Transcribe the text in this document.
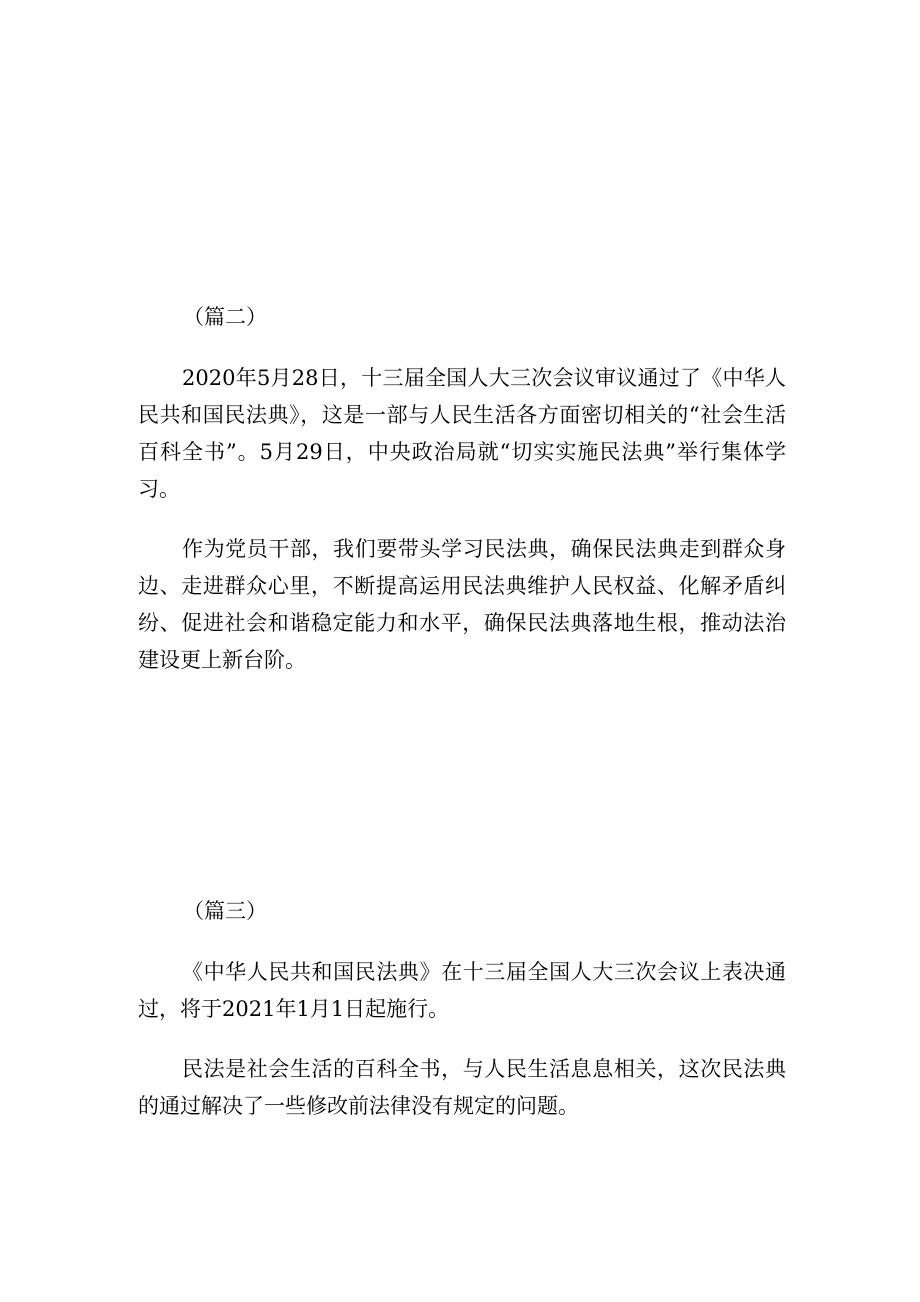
（篇二）

2020年5月28日，十三届全国人大三次会议审议通过了《中华人民共和国民法典》，这是一部与人民生活各方面密切相关的“社会生活百科全书”。5月29日，中央政治局就“切实实施民法典”举行集体学习。

作为党员干部，我们要带头学习民法典，确保民法典走到群众身边、走进群众心里，不断提高运用民法典维护人民权益、化解矛盾纠纷、促进社会和谐稳定能力和水平，确保民法典落地生根，推动法治建设更上新台阶。

（篇三）

《中华人民共和国民法典》在十三届全国人大三次会议上表决通过，将于2021年1月1日起施行。

民法是社会生活的百科全书，与人民生活息息相关，这次民法典的通过解决了一些修改前法律没有规定的问题。
